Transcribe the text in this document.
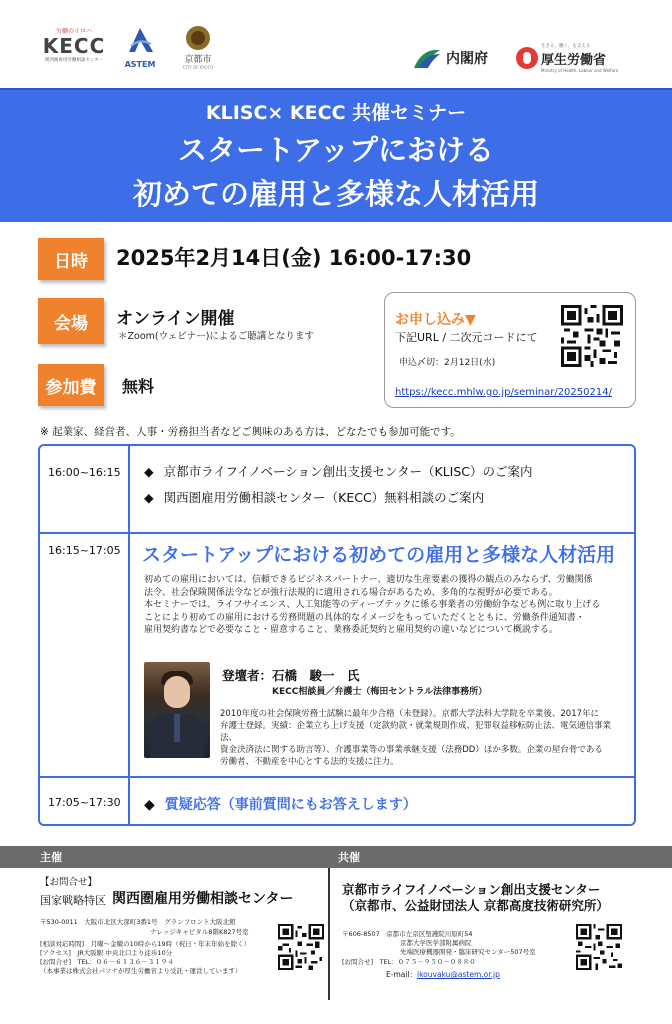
労働のイロハ
KECC
関西圏雇用労働相談センター	ASTEM	京都市
CITY OF KYOTO
内閣府
生きる、働く、を支える
厚生労働省
Ministry of Health, Labour and Welfare
KLISC× KECC 共催セミナー
スタートアップにおける
初めての雇用と多様な人材活用
日時	2025年2月14日(金) 16:00-17:30
会場	オンライン開催
＊Zoom(ウェビナー)によるご聴講となります
参加費	無料
お申し込み▼
下記URL / 二次元コードにて
申込〆切：2月12日(水)
https://kecc.mhlw.go.jp/seminar/20250214/
※ 起業家、経営者、人事・労務担当者などご興味のある方は、どなたでも参加可能です。
16:00~16:15 ◆ 京都市ライフイノベーション創出支援センター（KLISC）のご案内
◆ 関西圏雇用労働相談センター（KECC）無料相談のご案内
16:15~17:05 スタートアップにおける初めての雇用と多様な人材活用
初めての雇用においては、信頼できるビジネスパートナー、適切な生産要素の獲得の観点のみならず、労働関係
法令、社会保険関係法令などが強行法規的に適用される場合があるため、多角的な視野が必要である。
本セミナーでは、ライフサイエンス、人工知能等のディープテックに係る事業者の労働紛争なども例に取り上げる
ことにより初めての雇用における労務問題の具体的なイメージをもっていただくとともに、労働条件通知書・
雇用契約書などで必要なこと・留意すること、業務委託契約と雇用契約の違いなどについて概説する。
登壇者：石橋　駿一　氏
KECC相談員／弁護士（梅田セントラル法律事務所）
2010年度の社会保険労務士試験に最年少合格（未登録）。京都大学法科大学院を卒業後、2017年に
弁護士登録。実績：企業立ち上げ支援（定款約款・就業規則作成、犯罪収益移転防止法、電気通信事業法、
資金決済法に関する助言等）、介護事業等の事業承継支援（法務DD）ほか多数。企業の屋台骨である
労働者、不動産を中心とする法的支援に注力。
17:05~17:30 ◆ 質疑応答（事前質問にもお答えします）
主催	共催
【お問合せ】
国家戦略特区 関西圏雇用労働相談センター
〒530-0011　大阪市北区大深町3番1号　グランフロント大阪北館
ナレッジキャピタル8階K827号室
[相談対応時間]　月曜～金曜の10時から19時（祝日・年末年始を除く）
[アクセス]　JR大阪駅 中央北口より徒歩10分
[お問合せ]　TEL：０６－６１３６－３１９４
（本事業は株式会社パソナが厚生労働省より受託・運営しています）
京都市ライフイノベーション創出支援センター
（京都市、公益財団法人 京都高度技術研究所）
〒606-8507　京都市左京区聖護院川原町54
京都大学医学部附属病院
先端医療機器開発・臨床研究センター507号室
[お問合せ]　TEL：０７５－９５０－０８８０
E-mail：ikouvaku@astem.or.jp
